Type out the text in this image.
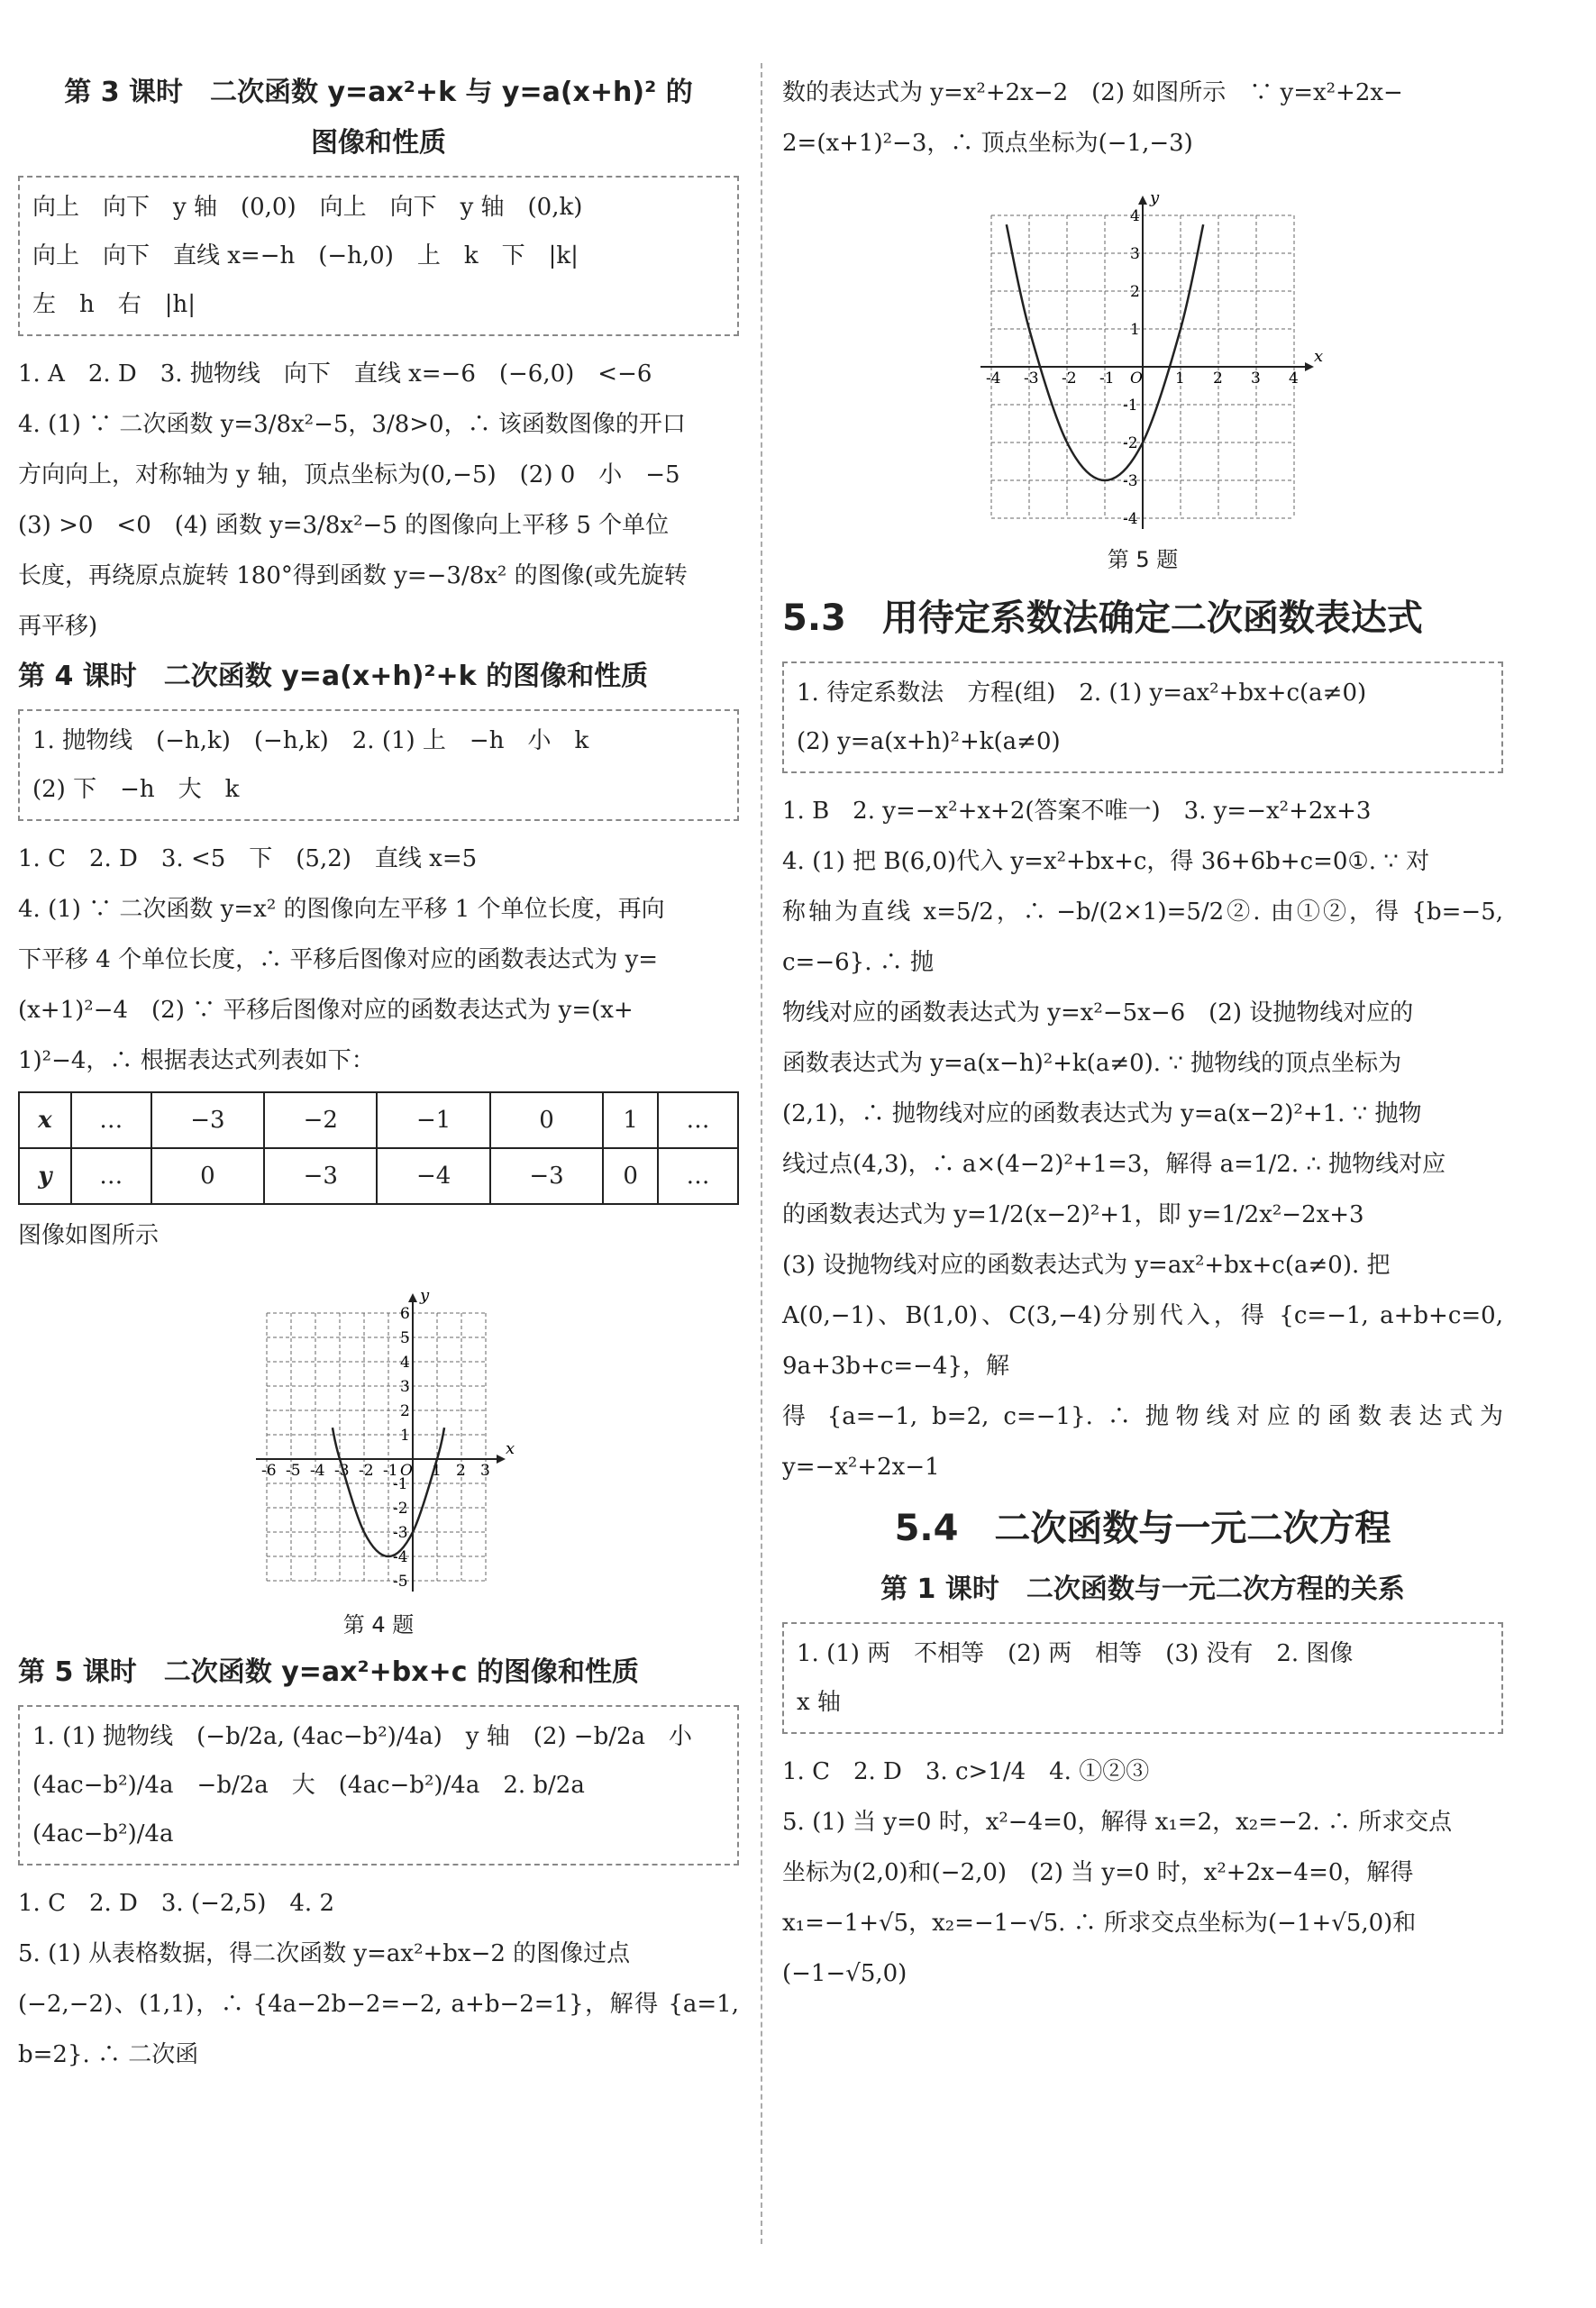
第 3 课时　二次函数 y=ax²+k 与 y=a(x+h)² 的
图像和性质
向上　向下　y 轴　(0,0)　向上　向下　y 轴　(0,k)
向上　向下　直线 x=−h　(−h,0)　上　k　下　|k|
左　h　右　|h|

1. A　2. D　3. 抛物线　向下　直线 x=−6　(−6,0)　<−6

4. (1) ∵ 二次函数 y=3/8x²−5，3/8>0，∴ 该函数图像的开口

方向向上，对称轴为 y 轴，顶点坐标为(0,−5)　(2) 0　小　−5

(3) >0　<0　(4) 函数 y=3/8x²−5 的图像向上平移 5 个单位

长度，再绕原点旋转 180°得到函数 y=−3/8x² 的图像(或先旋转

再平移)

第 4 课时　二次函数 y=a(x+h)²+k 的图像和性质
1. 抛物线　(−h,k)　(−h,k)　2. (1) 上　−h　小　k
(2) 下　−h　大　k

1. C　2. D　3. <5　下　(5,2)　直线 x=5

4. (1) ∵ 二次函数 y=x² 的图像向左平移 1 个单位长度，再向

下平移 4 个单位长度，∴ 平移后图像对应的函数表达式为 y=

(x+1)²−4　(2) ∵ 平移后图像对应的函数表达式为 y=(x+

1)²−4，∴ 根据表达式列表如下：

x	…	−3	−2	−1	0	1	…
y	…	0	−3	−4	−3	0	…

图像如图所示

x
y
-6 -5 -4 -3 -2 -1 O 1 2 3
6
5
4
3
2
1
-1
-2
-3
-4
-5
第 4 题
第 5 课时　二次函数 y=ax²+bx+c 的图像和性质
1. (1) 抛物线　(−b/2a, (4ac−b²)/4a)　y 轴　(2) −b/2a　小
(4ac−b²)/4a　−b/2a　大　(4ac−b²)/4a　2. b/2a　(4ac−b²)/4a

1. C　2. D　3. (−2,5)　4. 2

5. (1) 从表格数据，得二次函数 y=ax²+bx−2 的图像过点

(−2,−2)、(1,1)，∴ {4a−2b−2=−2, a+b−2=1}，解得 {a=1, b=2}. ∴ 二次函

数的表达式为 y=x²+2x−2　(2) 如图所示　∵ y=x²+2x−

2=(x+1)²−3，∴ 顶点坐标为(−1,−3)

x
y
-4 -3 -2 -1 O 1 2 3 4
4
3
2
1
-1
-2
-3
-4
第 5 题
5.3　用待定系数法确定二次函数表达式
1. 待定系数法　方程(组)　2. (1) y=ax²+bx+c(a≠0)
(2) y=a(x+h)²+k(a≠0)

1. B　2. y=−x²+x+2(答案不唯一)　3. y=−x²+2x+3

4. (1) 把 B(6,0)代入 y=x²+bx+c，得 36+6b+c=0①. ∵ 对

称轴为直线 x=5/2，∴ −b/(2×1)=5/2②. 由①②，得 {b=−5, c=−6}. ∴ 抛

物线对应的函数表达式为 y=x²−5x−6　(2) 设抛物线对应的

函数表达式为 y=a(x−h)²+k(a≠0). ∵ 抛物线的顶点坐标为

(2,1)，∴ 抛物线对应的函数表达式为 y=a(x−2)²+1. ∵ 抛物

线过点(4,3)，∴ a×(4−2)²+1=3，解得 a=1/2. ∴ 抛物线对应

的函数表达式为 y=1/2(x−2)²+1，即 y=1/2x²−2x+3

(3) 设抛物线对应的函数表达式为 y=ax²+bx+c(a≠0). 把

A(0,−1)、B(1,0)、C(3,−4)分别代入，得 {c=−1, a+b+c=0, 9a+3b+c=−4}，解

得 {a=−1, b=2, c=−1}. ∴ 抛物线对应的函数表达式为 y=−x²+2x−1

5.4　二次函数与一元二次方程
第 1 课时　二次函数与一元二次方程的关系
1. (1) 两　不相等　(2) 两　相等　(3) 没有　2. 图像
x 轴

1. C　2. D　3. c>1/4　4. ①②③

5. (1) 当 y=0 时，x²−4=0，解得 x₁=2，x₂=−2. ∴ 所求交点

坐标为(2,0)和(−2,0)　(2) 当 y=0 时，x²+2x−4=0，解得

x₁=−1+√5，x₂=−1−√5. ∴ 所求交点坐标为(−1+√5,0)和

(−1−√5,0)
